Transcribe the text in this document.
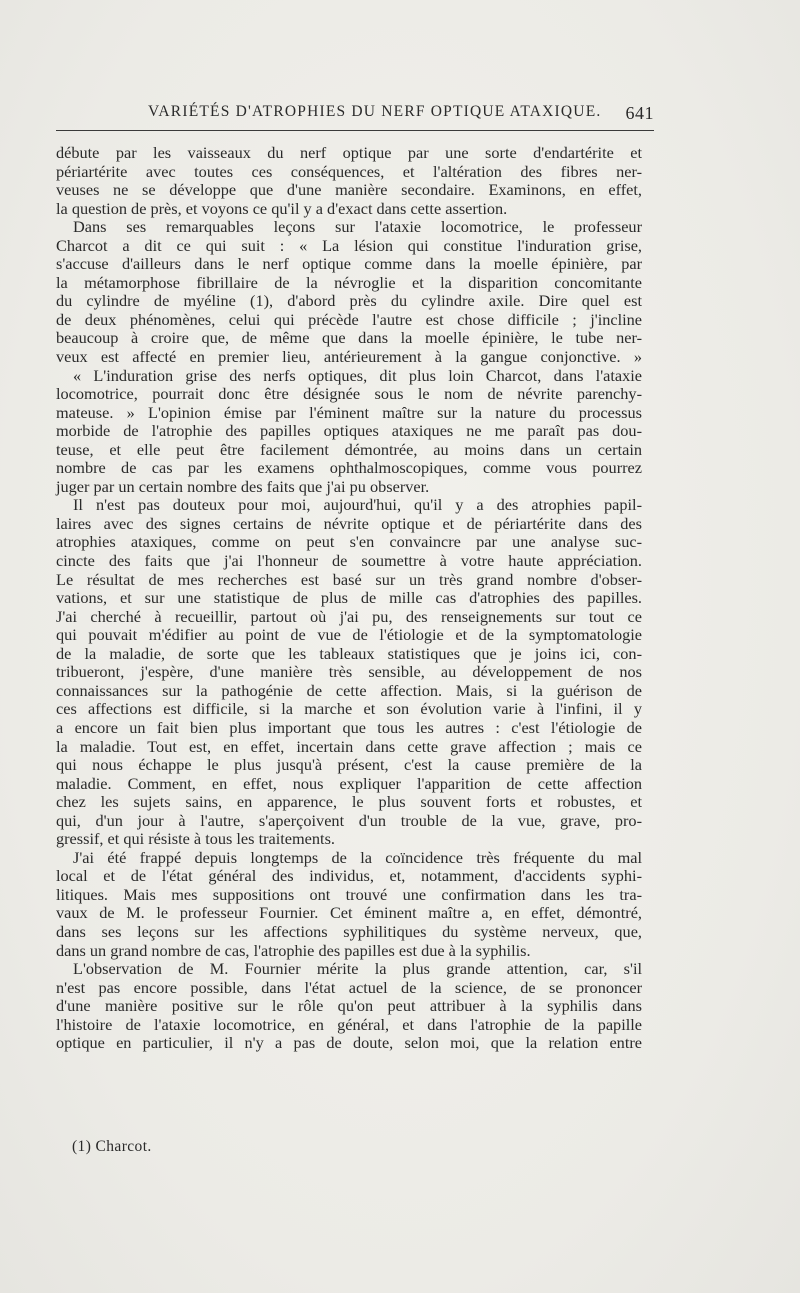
VARIÉTÉS D'ATROPHIES DU NERF OPTIQUE ATAXIQUE. 641
débute par les vaisseaux du nerf optique par une sorte d'endartérite et
périartérite avec toutes ces conséquences, et l'altération des fibres ner-
veuses ne se développe que d'une manière secondaire. Examinons, en effet,
la question de près, et voyons ce qu'il y a d'exact dans cette assertion.
Dans ses remarquables leçons sur l'ataxie locomotrice, le professeur
Charcot a dit ce qui suit : « La lésion qui constitue l'induration grise,
s'accuse d'ailleurs dans le nerf optique comme dans la moelle épinière, par
la métamorphose fibrillaire de la névroglie et la disparition concomitante
du cylindre de myéline (1), d'abord près du cylindre axile. Dire quel est
de deux phénomènes, celui qui précède l'autre est chose difficile ; j'incline
beaucoup à croire que, de même que dans la moelle épinière, le tube ner-
veux est affecté en premier lieu, antérieurement à la gangue conjonctive. »
« L'induration grise des nerfs optiques, dit plus loin Charcot, dans l'ataxie
locomotrice, pourrait donc être désignée sous le nom de névrite parenchy-
mateuse. » L'opinion émise par l'éminent maître sur la nature du processus
morbide de l'atrophie des papilles optiques ataxiques ne me paraît pas dou-
teuse, et elle peut être facilement démontrée, au moins dans un certain
nombre de cas par les examens ophthalmoscopiques, comme vous pourrez
juger par un certain nombre des faits que j'ai pu observer.
Il n'est pas douteux pour moi, aujourd'hui, qu'il y a des atrophies papil-
laires avec des signes certains de névrite optique et de périartérite dans des
atrophies ataxiques, comme on peut s'en convaincre par une analyse suc-
cincte des faits que j'ai l'honneur de soumettre à votre haute appréciation.
Le résultat de mes recherches est basé sur un très grand nombre d'obser-
vations, et sur une statistique de plus de mille cas d'atrophies des papilles.
J'ai cherché à recueillir, partout où j'ai pu, des renseignements sur tout ce
qui pouvait m'édifier au point de vue de l'étiologie et de la symptomatologie
de la maladie, de sorte que les tableaux statistiques que je joins ici, con-
tribueront, j'espère, d'une manière très sensible, au développement de nos
connaissances sur la pathogénie de cette affection. Mais, si la guérison de
ces affections est difficile, si la marche et son évolution varie à l'infini, il y
a encore un fait bien plus important que tous les autres : c'est l'étiologie de
la maladie. Tout est, en effet, incertain dans cette grave affection ; mais ce
qui nous échappe le plus jusqu'à présent, c'est la cause première de la
maladie. Comment, en effet, nous expliquer l'apparition de cette affection
chez les sujets sains, en apparence, le plus souvent forts et robustes, et
qui, d'un jour à l'autre, s'aperçoivent d'un trouble de la vue, grave, pro-
gressif, et qui résiste à tous les traitements.
J'ai été frappé depuis longtemps de la coïncidence très fréquente du mal
local et de l'état général des individus, et, notamment, d'accidents syphi-
litiques. Mais mes suppositions ont trouvé une confirmation dans les tra-
vaux de M. le professeur Fournier. Cet éminent maître a, en effet, démontré,
dans ses leçons sur les affections syphilitiques du système nerveux, que,
dans un grand nombre de cas, l'atrophie des papilles est due à la syphilis.
L'observation de M. Fournier mérite la plus grande attention, car, s'il
n'est pas encore possible, dans l'état actuel de la science, de se prononcer
d'une manière positive sur le rôle qu'on peut attribuer à la syphilis dans
l'histoire de l'ataxie locomotrice, en général, et dans l'atrophie de la papille
optique en particulier, il n'y a pas de doute, selon moi, que la relation entre
(1) Charcot.
